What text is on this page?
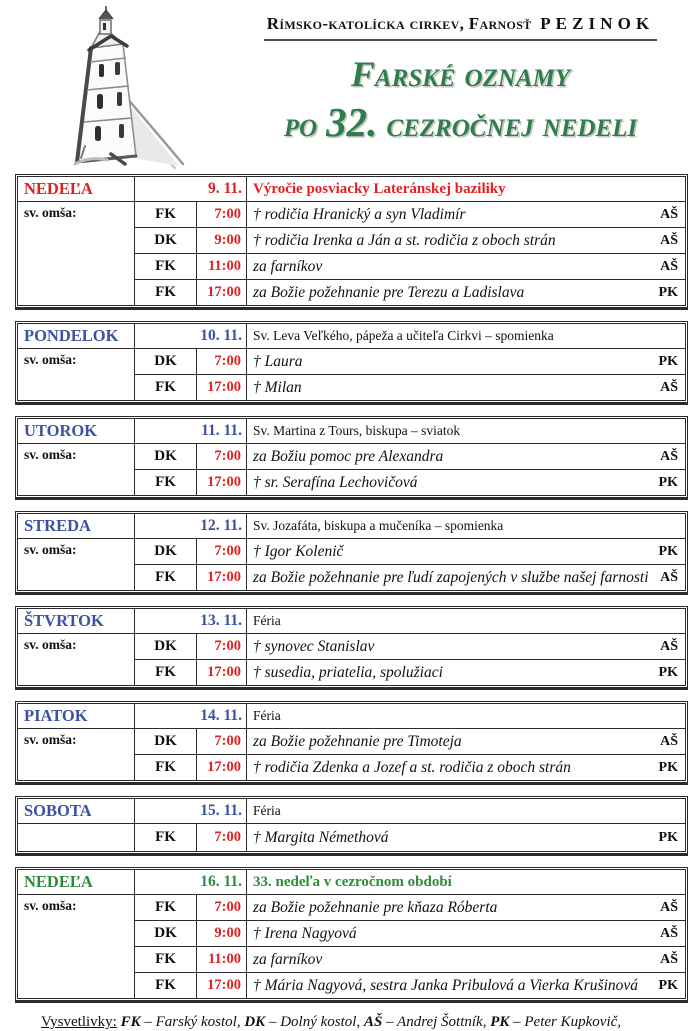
Rímsko-katolícka cirkev, Farnosť PEZINOK
Farské oznamy
po 32. cezročnej nedeli
NEDEĽA	9. 11.		Výročie posviacky Lateránskej baziliky
sv. omša:	FK	7:00	† rodičia Hranický a syn Vladimír AŠ

	DK	9:00	† rodičia Irenka a Ján a st. rodičia z oboch strán AŠ

	FK	11:00	za farníkov AŠ

	FK	17:00	za Božie požehnanie pre Terezu a Ladislava PK
PONDELOK	10. 11.		Sv. Leva Veľkého, pápeža a učiteľa Cirkvi – spomienka
sv. omša:	DK	7:00	† Laura PK

	FK	17:00	† Milan AŠ
UTOROK	11. 11.		Sv. Martina z Tours, biskupa – sviatok
sv. omša:	DK	7:00	za Božiu pomoc pre Alexandra AŠ

	FK	17:00	† sr. Serafína Lechovičová PK
STREDA	12. 11.		Sv. Jozafáta, biskupa a mučeníka – spomienka
sv. omša:	DK	7:00	† Igor Kolenič PK

	FK	17:00	za Božie požehnanie pre ľudí zapojených v službe našej farnosti AŠ
ŠTVRTOK	13. 11.		Féria
sv. omša:	DK	7:00	† synovec Stanislav AŠ

	FK	17:00	† susedia, priatelia, spolužiaci PK
PIATOK	14. 11.		Féria
sv. omša:	DK	7:00	za Božie požehnanie pre Timoteja AŠ

	FK	17:00	† rodičia Zdenka a Jozef a st. rodičia z oboch strán PK
SOBOTA	15. 11.		Féria
	FK	7:00	† Margita Némethová PK
NEDEĽA	16. 11.		33. nedeľa v cezročnom období
sv. omša:	FK	7:00	za Božie požehnanie pre kňaza Róberta AŠ

	DK	9:00	† Irena Nagyová AŠ

	FK	11:00	za farníkov AŠ

	FK	17:00	† Mária Nagyová, sestra Janka Pribulová a Vierka Krušinová PK
Vysvetlivky: FK – Farský kostol, DK – Dolný kostol, AŠ – Andrej Šottník, PK – Peter Kupkovič,
